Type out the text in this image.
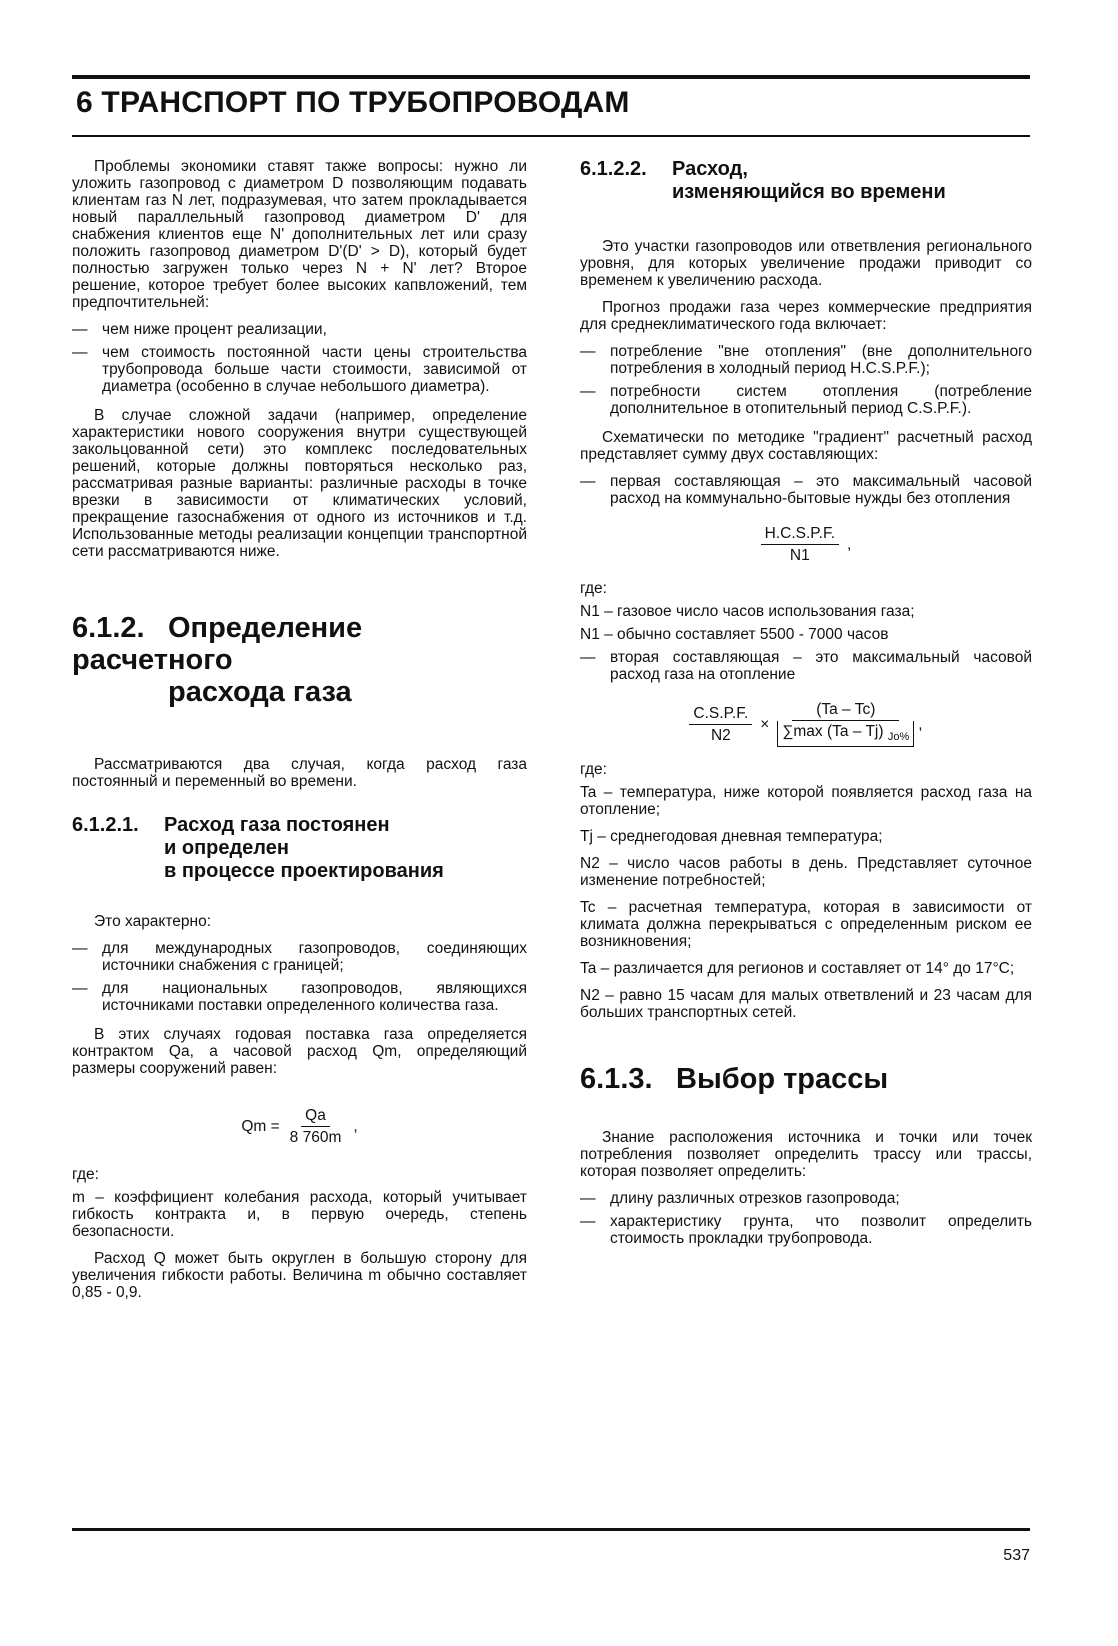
6 ТРАНСПОРТ ПО ТРУБОПРОВОДАМ

Проблемы экономики ставят также вопросы: нужно ли уложить газопровод с диаметром D позволяющим подавать клиентам газ N лет, подразумевая, что затем прокладывается новый параллельный газопровод диаметром D' для снабжения клиентов еще N' дополнительных лет или сразу положить газопровод диаметром D'(D' > D), который будет полностью загружен только через N + N' лет? Второе решение, которое требует более высоких капвложений, тем предпочтительней:

— чем ниже процент реализации,
— чем стоимость постоянной части цены строительства трубопровода больше части стоимости, зависимой от диаметра (особенно в случае небольшого диаметра).

В случае сложной задачи (например, определение характеристики нового сооружения внутри существующей закольцованной сети) это комплекс последовательных решений, которые должны повторяться несколько раз, рассматривая разные варианты: различные расходы в точке врезки в зависимости от климатических условий, прекращение газоснабжения от одного из источников и т.д. Использованные методы реализации концепции транспортной сети рассматриваются ниже.

6.1.2. Определение расчетного
расхода газа

Рассматриваются два случая, когда расход газа постоянный и переменный во времени.

6.1.2.1. Расход газа постоянен
и определен
в процессе проектирования

Это характерно:

— для международных газопроводов, соединяющих источники снабжения с границей;
— для национальных газопроводов, являющихся источниками поставки определенного количества газа.

В этих случаях годовая поставка газа определяется контрактом Qa, а часовой расход Qm, определяющий размеры сооружений равен:

$Qm = \frac{Qa}{8 760m}$ ,
где:

m – коэффициент колебания расхода, который учитывает гибкость контракта и, в первую очередь, степень безопасности.

Расход Q может быть округлен в большую сторону для увеличения гибкости работы. Величина m обычно составляет 0,85 - 0,9.

6.1.2.2. Расход,
изменяющийся во времени

Это участки газопроводов или ответвления регионального уровня, для которых увеличение продажи приводит со временем к увеличению расхода.

Прогноз продажи газа через коммерческие предприятия для среднеклиматического года включает:

— потребление "вне отопления" (вне дополнительного потребления в холодный период H.C.S.P.F.);
— потребности систем отопления (потребление дополнительное в отопительный период C.S.P.F.).

Схематически по методике "градиент" расчетный расход представляет сумму двух составляющих:

— первая составляющая – это максимальный часовой расход на коммунально-бытовые нужды без отопления
$\frac{H.C.S.P.F.}{N1}$ ,
где:
N1 – газовое число часов использования газа;
N1 – обычно составляет 5500 - 7000 часов
— вторая составляющая – это максимальный часовой расход газа на отопление
$\frac{C.S.P.F.}{N2} \times \frac{(Ta - Tc)}{\sum\max (Ta - Tj) _{Jo\%}}$ ,
где:

Ta – температура, ниже которой появляется расход газа на отопление;

Tj – среднегодовая дневная температура;

N2 – число часов работы в день. Представляет суточное изменение потребностей;

Tc – расчетная температура, которая в зависимости от климата должна перекрываться с определенным риском ее возникновения;

Ta – различается для регионов и составляет от 14° до 17°C;

N2 – равно 15 часам для малых ответвлений и 23 часам для больших транспортных сетей.

6.1.3. Выбор трассы

Знание расположения источника и точки или точек потребления позволяет определить трассу или трассы, которая позволяет определить:

— длину различных отрезков газопровода;
— характеристику грунта, что позволит определить стоимость прокладки трубопровода.
537
